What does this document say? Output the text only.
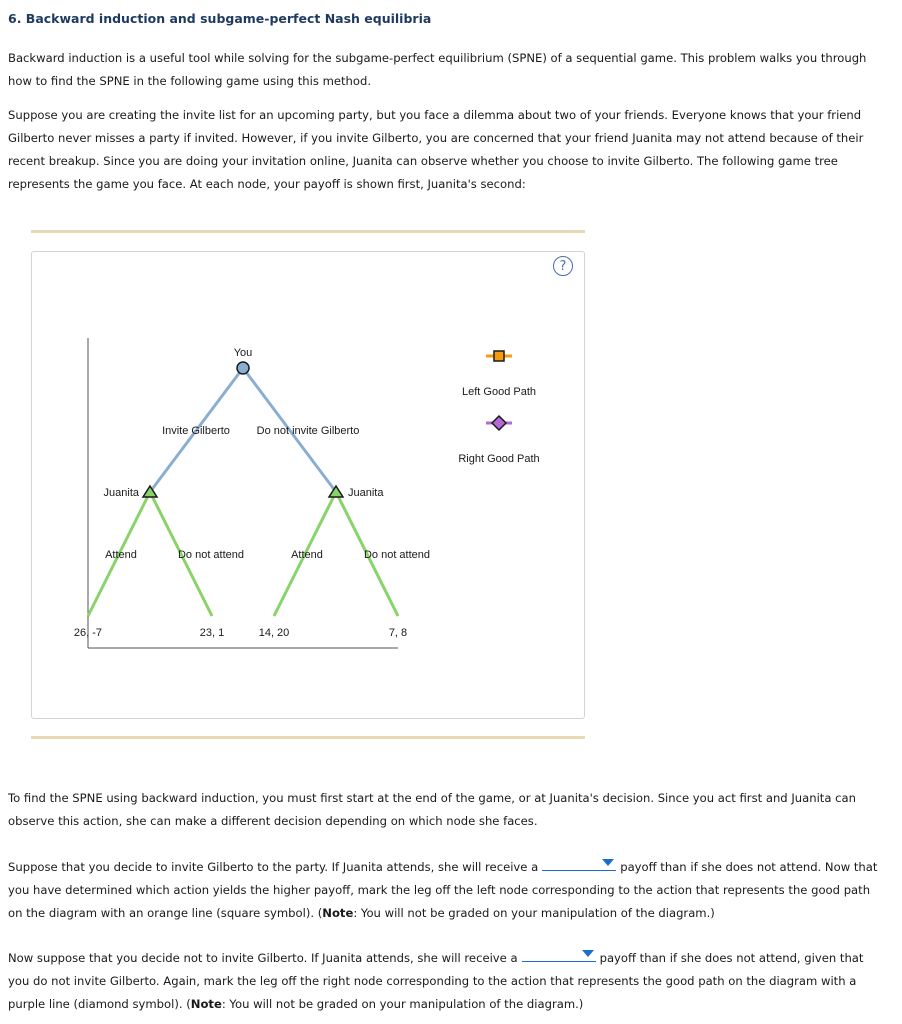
6. Backward induction and subgame-perfect Nash equilibria

Backward induction is a useful tool while solving for the subgame-perfect equilibrium (SPNE) of a sequential game. This problem walks you through how to find the SPNE in the following game using this method.

Suppose you are creating the invite list for an upcoming party, but you face a dilemma about two of your friends. Everyone knows that your friend Gilberto never misses a party if invited. However, if you invite Gilberto, you are concerned that your friend Juanita may not attend because of their recent breakup. Since you are doing your invitation online, Juanita can observe whether you choose to invite Gilberto. The following game tree represents the game you face. At each node, your payoff is shown first, Juanita's second:

?
You
Invite Gilberto Do not invite Gilberto
Juanita	Juanita
Attend	Do not attend	Attend	Do not attend
26, -7	23, 1	14, 20	7, 8
Left Good Path
Right Good Path

To find the SPNE using backward induction, you must first start at the end of the game, or at Juanita's decision. Since you act first and Juanita can observe this action, she can make a different decision depending on which node she faces.

Suppose that you decide to invite Gilberto to the party. If Juanita attends, she will receive a	payoff than if she does not attend. Now that you have determined which action yields the higher payoff, mark the leg off the left node corresponding to the action that represents the good path on the diagram with an orange line (square symbol). (Note: You will not be graded on your manipulation of the diagram.)

Now suppose that you decide not to invite Gilberto. If Juanita attends, she will receive a	payoff than if she does not attend, given that you do not invite Gilberto. Again, mark the leg off the right node corresponding to the action that represents the good path on the diagram with a purple line (diamond symbol). (Note: You will not be graded on your manipulation of the diagram.)
